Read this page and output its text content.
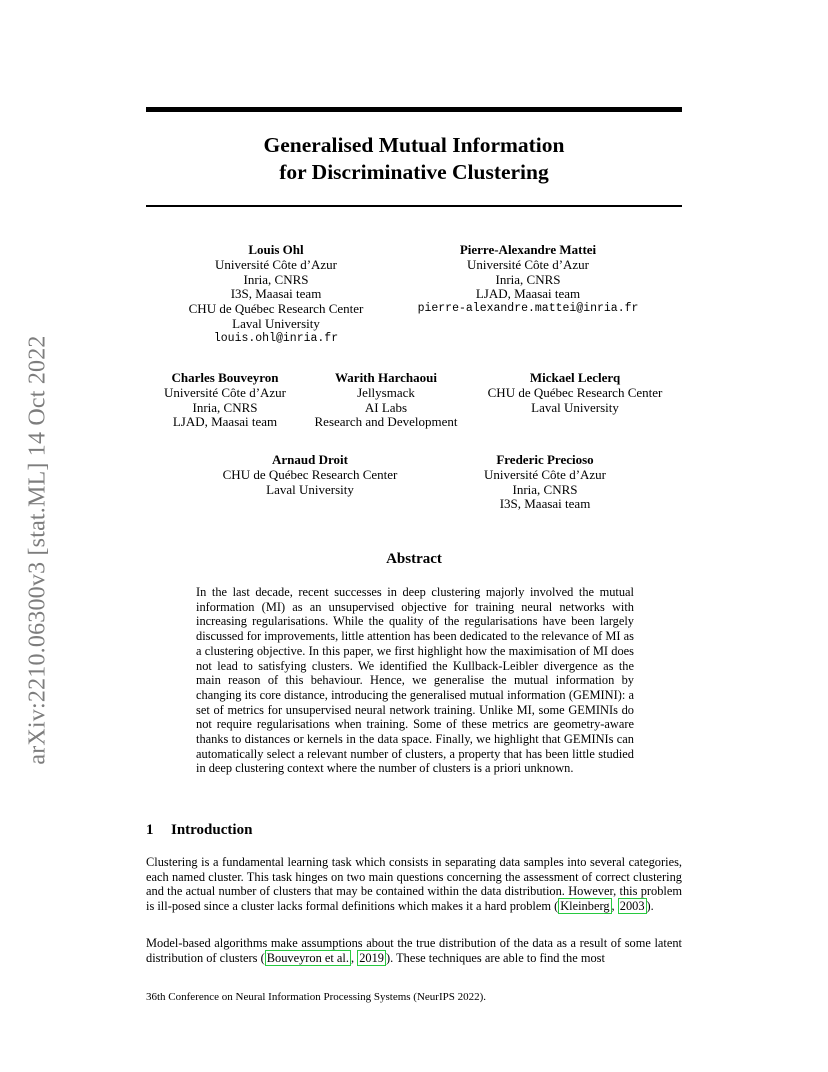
arXiv:2210.06300v3 [stat.ML] 14 Oct 2022
Generalised Mutual Information
for Discriminative Clustering
Louis Ohl
Université Côte d’Azur
Inria, CNRS
I3S, Maasai team
CHU de Québec Research Center
Laval University
louis.ohl@inria.fr
Pierre-Alexandre Mattei
Université Côte d’Azur
Inria, CNRS
LJAD, Maasai team
pierre-alexandre.mattei@inria.fr
Charles Bouveyron
Université Côte d’Azur
Inria, CNRS
LJAD, Maasai team
Warith Harchaoui
Jellysmack
AI Labs
Research and Development
Mickael Leclerq
CHU de Québec Research Center
Laval University
Arnaud Droit
CHU de Québec Research Center
Laval University
Frederic Precioso
Université Côte d’Azur
Inria, CNRS
I3S, Maasai team
Abstract
In the last decade, recent successes in deep clustering majorly involved the mutual information (MI) as an unsupervised objective for training neural networks with increasing regularisations. While the quality of the regularisations have been largely discussed for improvements, little attention has been dedicated to the relevance of MI as a clustering objective. In this paper, we first highlight how the maximisation of MI does not lead to satisfying clusters. We identified the Kullback-Leibler divergence as the main reason of this behaviour. Hence, we generalise the mutual information by changing its core distance, introducing the generalised mutual information (GEMINI): a set of metrics for unsupervised neural network training. Unlike MI, some GEMINIs do not require regularisations when training. Some of these metrics are geometry-aware thanks to distances or kernels in the data space. Finally, we highlight that GEMINIs can automatically select a relevant number of clusters, a property that has been little studied in deep clustering context where the number of clusters is a priori unknown.
1 Introduction
Clustering is a fundamental learning task which consists in separating data samples into several categories, each named cluster. This task hinges on two main questions concerning the assessment of correct clustering and the actual number of clusters that may be contained within the data distribution. However, this problem is ill-posed since a cluster lacks formal definitions which makes it a hard problem ( Kleinberg , 2003 ).
Model-based algorithms make assumptions about the true distribution of the data as a result of some latent distribution of clusters ( Bouveyron et al. , 2019 ). These techniques are able to find the most
36th Conference on Neural Information Processing Systems (NeurIPS 2022).
